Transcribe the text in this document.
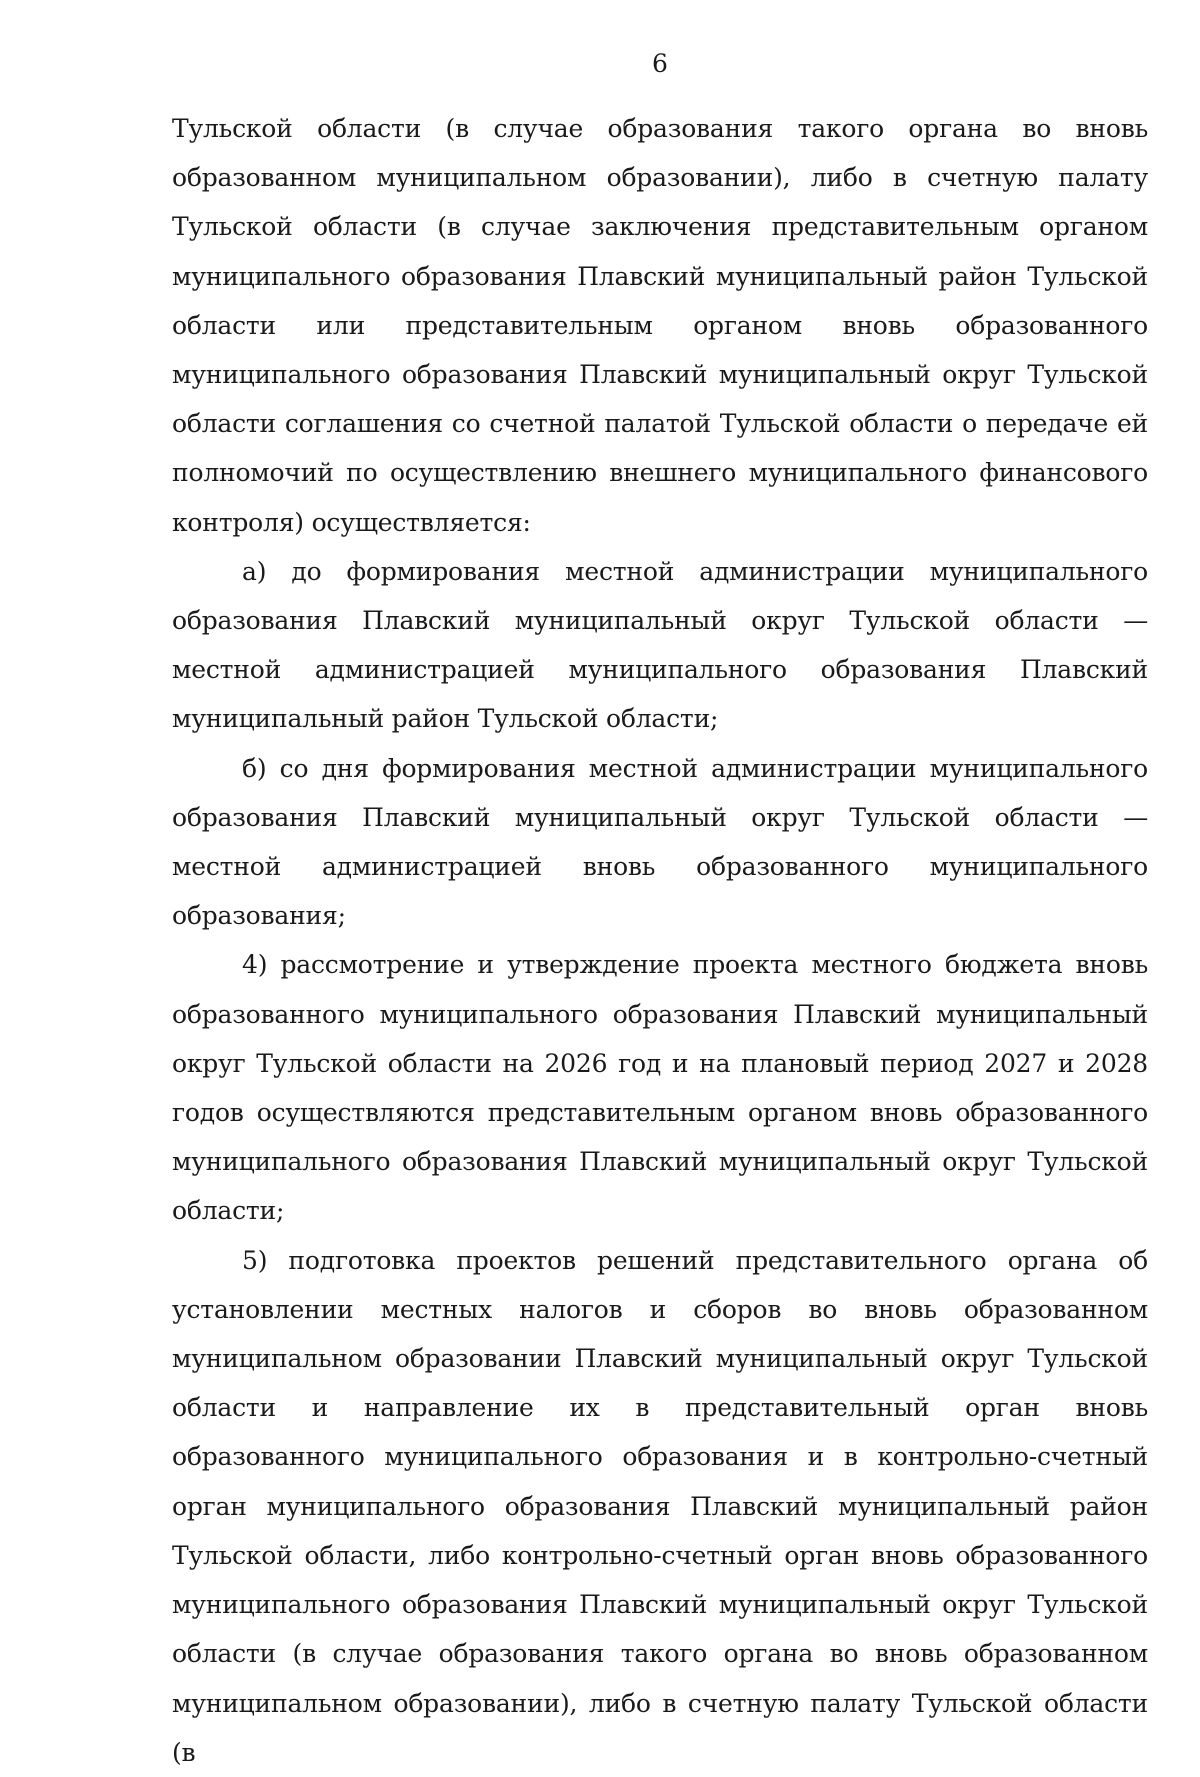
6

Тульской области (в случае образования такого органа во вновь образованном муниципальном образовании), либо в счетную палату Тульской области (в случае заключения представительным органом муниципального образования Плавский муниципальный район Тульской области или представительным органом вновь образованного муниципального образования Плавский муниципальный округ Тульской области соглашения со счетной палатой Тульской области о передаче ей полномочий по осуществлению внешнего муниципального финансового контроля) осуществляется:

а) до формирования местной администрации муниципального образования Плавский муниципальный округ Тульской области — местной администрацией муниципального образования Плавский муниципальный район Тульской области;

б) со дня формирования местной администрации муниципального образования Плавский муниципальный округ Тульской области — местной администрацией вновь образованного муниципального образования;

4) рассмотрение и утверждение проекта местного бюджета вновь образованного муниципального образования Плавский муниципальный округ Тульской области на 2026 год и на плановый период 2027 и 2028 годов осуществляются представительным органом вновь образованного муниципального образования Плавский муниципальный округ Тульской области;

5) подготовка проектов решений представительного органа об установлении местных налогов и сборов во вновь образованном муниципальном образовании Плавский муниципальный округ Тульской области и направление их в представительный орган вновь образованного муниципального образования и в контрольно-счетный орган муниципального образования Плавский муниципальный район Тульской области, либо контрольно-счетный орган вновь образованного муниципального образования Плавский муниципальный округ Тульской области (в случае образования такого органа во вновь образованном муниципальном образовании), либо в счетную палату Тульской области (в
